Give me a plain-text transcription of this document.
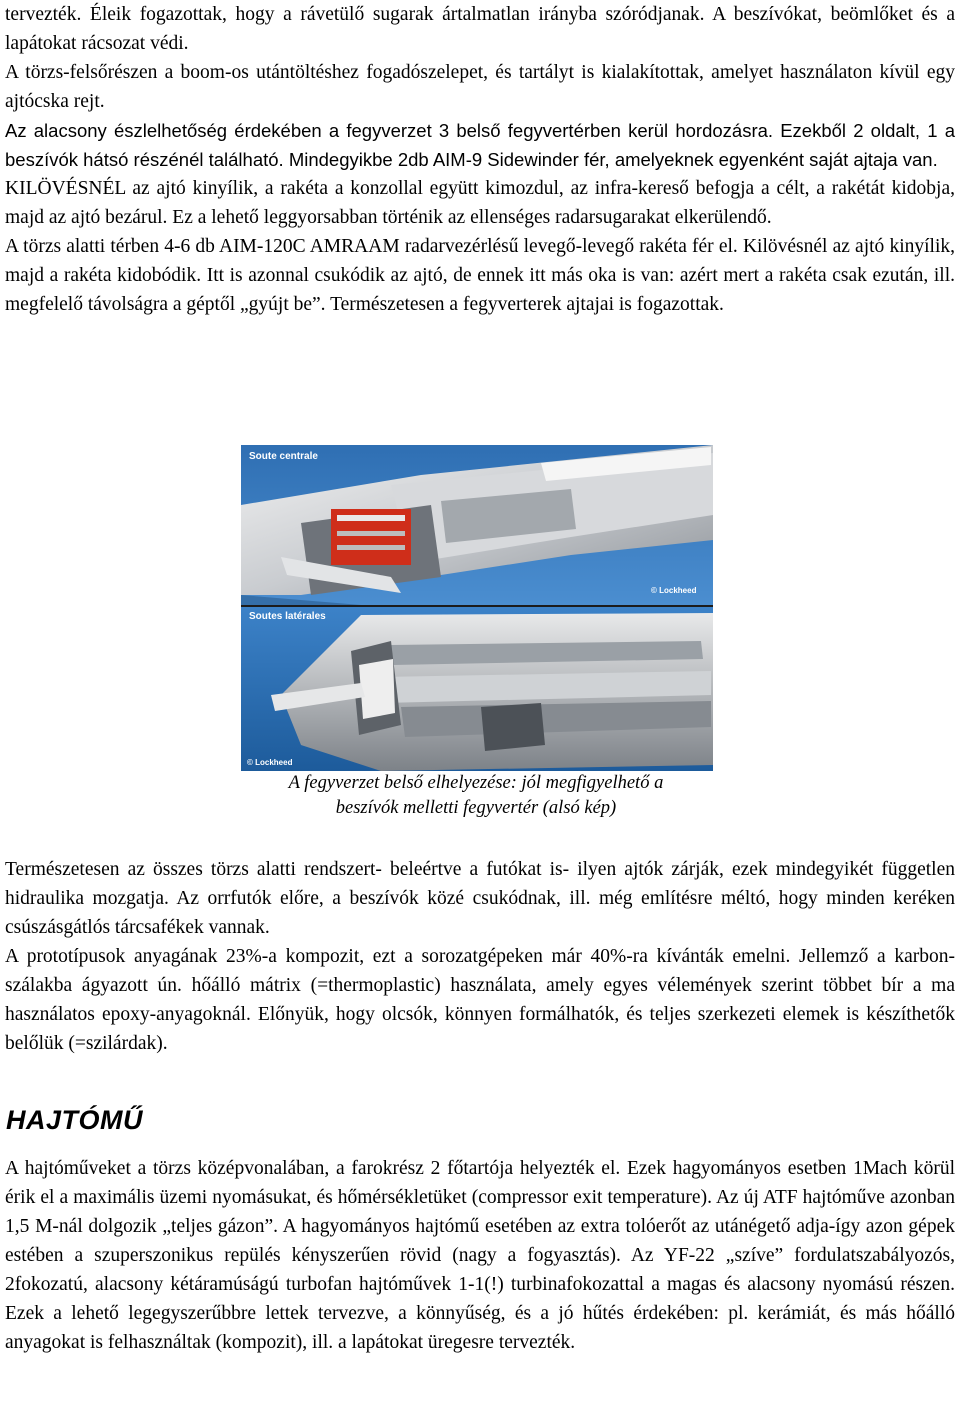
tervezték. Éleik fogazottak, hogy a rávetülő sugarak ártalmatlan irányba szóródjanak. A beszívókat, beömlőket és a lapátokat rácsozat védi.

A törzs-felsőrészen a boom-os utántöltéshez fogadószelepet, és tartályt is kialakítottak, amelyet használaton kívül egy ajtócska rejt.

Az alacsony észlelhetőség érdekében a fegyverzet 3 belső fegyvertérben kerül hordozásra. Ezekből 2 oldalt, 1 a beszívók hátsó részénél található. Mindegyikbe 2db AIM-9 Sidewinder fér, amelyeknek egyenként saját ajtaja van.

KILÖVÉSNÉL az ajtó kinyílik, a rakéta a konzollal együtt kimozdul, az infra-kereső befogja a célt, a rakétát kidobja, majd az ajtó bezárul. Ez a lehető leggyorsabban történik az ellenséges radarsugarakat elkerülendő.

A törzs alatti térben 4-6 db AIM-120C AMRAAM radarvezérlésű levegő-levegő rakéta fér el. Kilövésnél az ajtó kinyílik, majd a rakéta kidobódik. Itt is azonnal csukódik az ajtó, de ennek itt más oka is van: azért mert a rakéta csak ezután, ill. megfelelő távolságra a géptől „gyújt be”. Természetesen a fegyverterek ajtajai is fogazottak.

Soute centrale
© Lockheed
Soutes latérales
© Lockheed
A fegyverzet belső elhelyezése: jól megfigyelhető a
beszívók melletti fegyvertér (alsó kép)

Természetesen az összes törzs alatti rendszert- beleértve a futókat is- ilyen ajtók zárják, ezek mindegyikét független hidraulika mozgatja. Az orrfutók előre, a beszívók közé csukódnak, ill. még említésre méltó, hogy minden keréken csúszásgátlós tárcsafékek vannak.

A prototípusok anyagának 23%-a kompozit, ezt a sorozatgépeken már 40%-ra kívánták emelni. Jellemző a karbon-szálakba ágyazott ún. hőálló mátrix (=thermoplastic) használata, amely egyes vélemények szerint többet bír a ma használatos epoxy-anyagoknál. Előnyük, hogy olcsók, könnyen formálhatók, és teljes szerkezeti elemek is készíthetők belőlük (=szilárdak).

HAJTÓMŰ

A hajtóműveket a törzs középvonalában, a farokrész 2 főtartója helyezték el. Ezek hagyományos esetben 1Mach körül érik el a maximális üzemi nyomásukat, és hőmérsékletüket (compressor exit temperature). Az új ATF hajtóműve azonban 1,5 M-nál dolgozik „teljes gázon”. A hagyományos hajtómű esetében az extra tolóerőt az utánégető adja-így azon gépek estében a szuperszonikus repülés kényszerűen rövid (nagy a fogyasztás). Az YF-22 „szíve” fordulatszabályozós, 2fokozatú, alacsony kétáramúságú turbofan hajtóművek 1-1(!) turbinafokozattal a magas és alacsony nyomású részen. Ezek a lehető legegyszerűbbre lettek tervezve, a könnyűség, és a jó hűtés érdekében: pl. kerámiát, és más hőálló anyagokat is felhasználtak (kompozit), ill. a lapátokat üregesre tervezték.
